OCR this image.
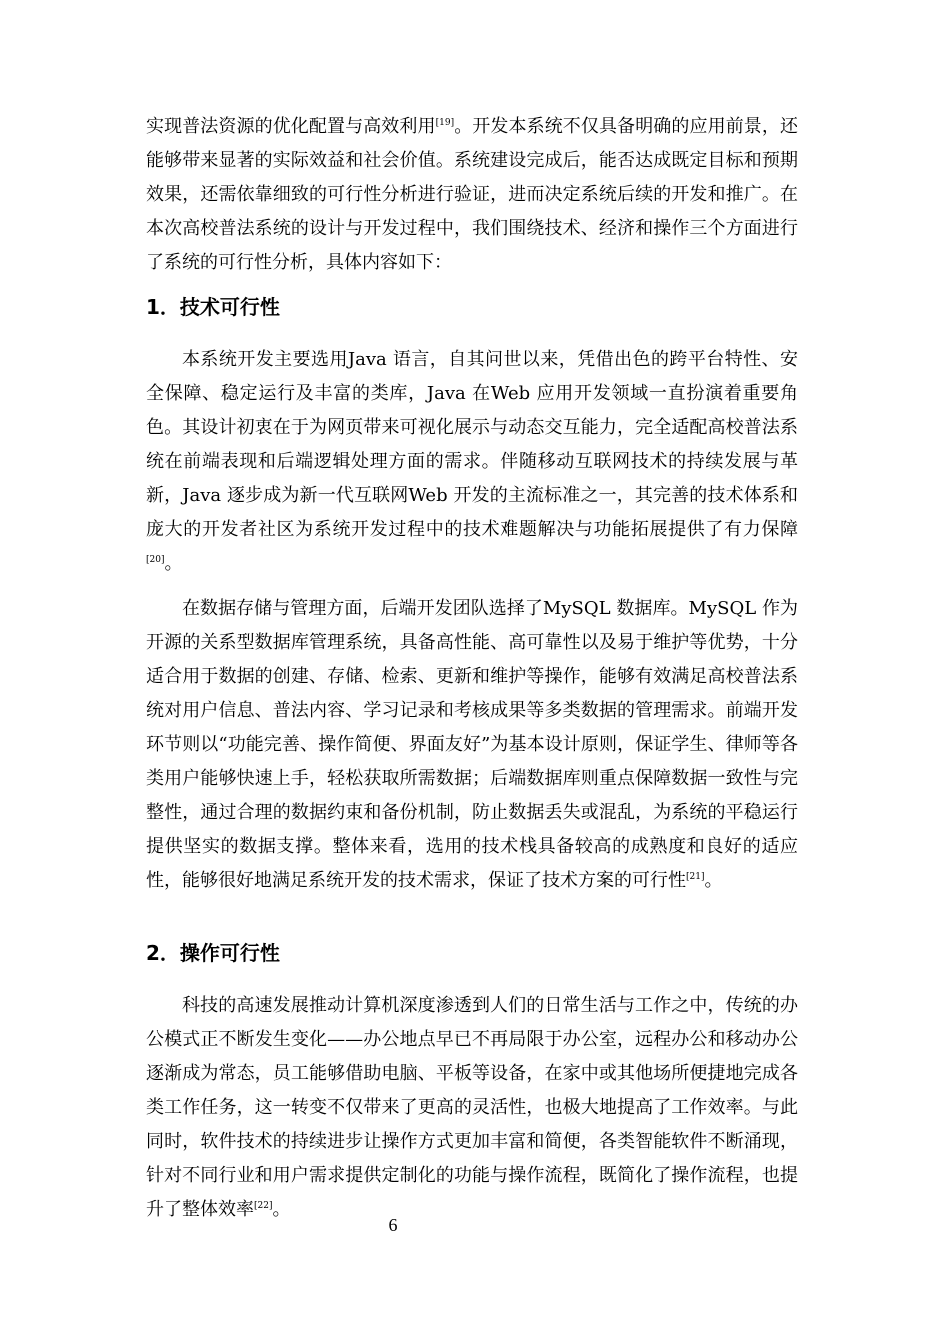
实现普法资源的优化配置与高效利用[19]。开发本系统不仅具备明确的应用前景，还能够带来显著的实际效益和社会价值。系统建设完成后，能否达成既定目标和预期效果，还需依靠细致的可行性分析进行验证，进而决定系统后续的开发和推广。在本次高校普法系统的设计与开发过程中，我们围绕技术、经济和操作三个方面进行了系统的可行性分析，具体内容如下：

1．技术可行性

本系统开发主要选用Java 语言，自其问世以来，凭借出色的跨平台特性、安全保障、稳定运行及丰富的类库，Java 在Web 应用开发领域一直扮演着重要角色。其设计初衷在于为网页带来可视化展示与动态交互能力，完全适配高校普法系统在前端表现和后端逻辑处理方面的需求。伴随移动互联网技术的持续发展与革新，Java 逐步成为新一代互联网Web 开发的主流标准之一，其完善的技术体系和庞大的开发者社区为系统开发过程中的技术难题解决与功能拓展提供了有力保障[20]。

在数据存储与管理方面，后端开发团队选择了MySQL 数据库。MySQL 作为开源的关系型数据库管理系统，具备高性能、高可靠性以及易于维护等优势，十分适合用于数据的创建、存储、检索、更新和维护等操作，能够有效满足高校普法系统对用户信息、普法内容、学习记录和考核成果等多类数据的管理需求。前端开发环节则以“功能完善、操作简便、界面友好”为基本设计原则，保证学生、律师等各类用户能够快速上手，轻松获取所需数据；后端数据库则重点保障数据一致性与完整性，通过合理的数据约束和备份机制，防止数据丢失或混乱，为系统的平稳运行提供坚实的数据支撑。整体来看，选用的技术栈具备较高的成熟度和良好的适应性，能够很好地满足系统开发的技术需求，保证了技术方案的可行性[21]。

2．操作可行性

科技的高速发展推动计算机深度渗透到人们的日常生活与工作之中，传统的办公模式正不断发生变化——办公地点早已不再局限于办公室，远程办公和移动办公逐渐成为常态，员工能够借助电脑、平板等设备，在家中或其他场所便捷地完成各类工作任务，这一转变不仅带来了更高的灵活性，也极大地提高了工作效率。与此同时，软件技术的持续进步让操作方式更加丰富和简便，各类智能软件不断涌现，针对不同行业和用户需求提供定制化的功能与操作流程，既简化了操作流程，也提升了整体效率[22]。

6
